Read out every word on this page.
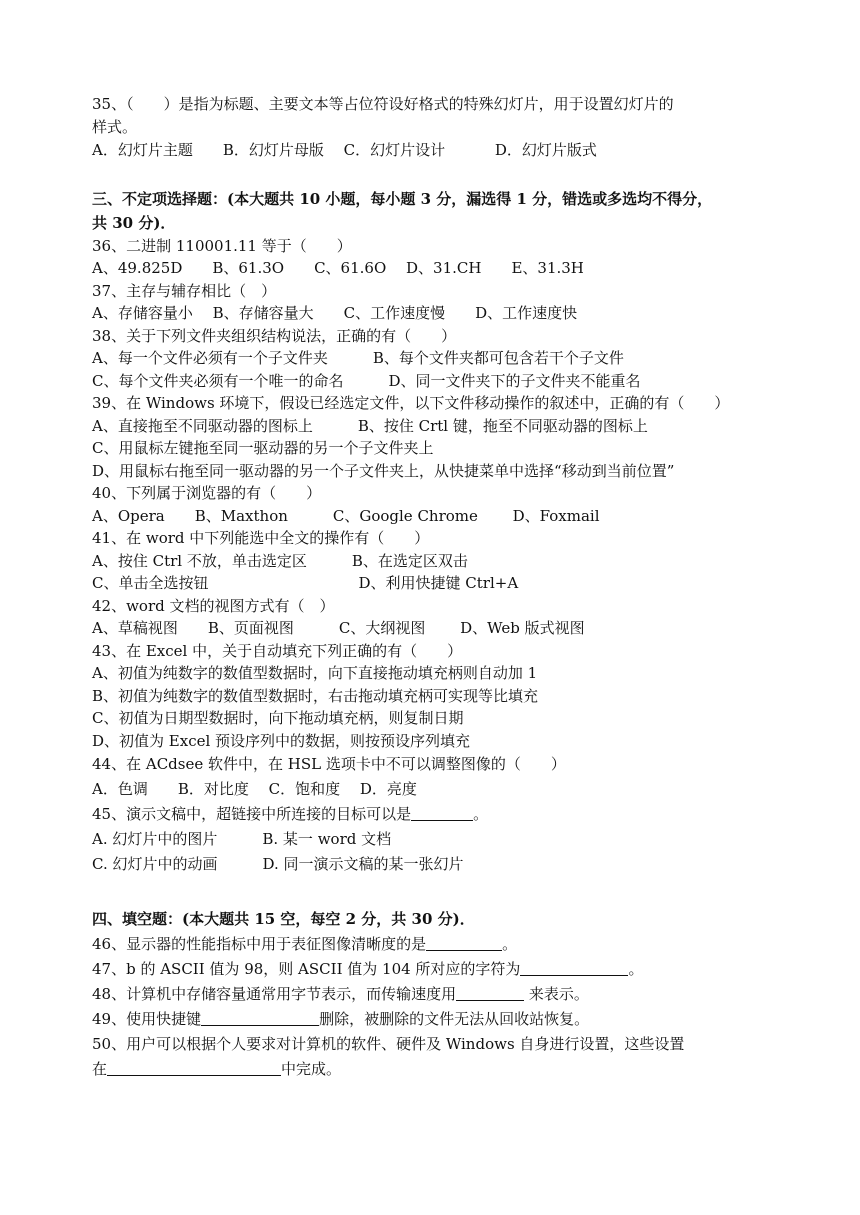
35、（　　）是指为标题、主要文本等占位符设好格式的特殊幻灯片，用于设置幻灯片的
样式。
A．幻灯片主题　　B．幻灯片母版　 C．幻灯片设计　　　 D．幻灯片版式
三、不定项选择题：(本大题共 10 小题，每小题 3 分，漏选得 1 分，错选或多选均不得分，
共 30 分)．
36、二进制 110001.11 等于（　　）
A、49.825D　　B、61.3O　　C、61.6O　 D、31.CH　　E、31.3H
37、主存与辅存相比（　）
A、存储容量小　 B、存储容量大　　C、工作速度慢　　D、工作速度快
38、关于下列文件夹组织结构说法，正确的有（　　）
A、每一个文件必须有一个子文件夹　　　B、每个文件夹都可包含若干个子文件
C、每个文件夹必须有一个唯一的命名　　　D、同一文件夹下的子文件夹不能重名
39、在 Windows 环境下，假设已经选定文件，以下文件移动操作的叙述中，正确的有（　　）
A、直接拖至不同驱动器的图标上　　　B、按住 Crtl 键，拖至不同驱动器的图标上
C、用鼠标左键拖至同一驱动器的另一个子文件夹上
D、用鼠标右拖至同一驱动器的另一个子文件夹上，从快捷菜单中选择“移动到当前位置”
40、下列属于浏览器的有（　　）
A、Opera　　B、Maxthon　　　C、Google Chrome　　 D、Foxmail
41、在 word 中下列能选中全文的操作有（　　）
A、按住 Ctrl 不放，单击选定区　　　B、在选定区双击
C、单击全选按钮　　　　　　　　　　D、利用快捷键 Ctrl+A
42、word 文档的视图方式有（　）
A、草稿视图　　B、页面视图　　　C、大纲视图　　 D、Web 版式视图
43、在 Excel 中，关于自动填充下列正确的有（　　）
A、初值为纯数字的数值型数据时，向下直接拖动填充柄则自动加 1
B、初值为纯数字的数值型数据时，右击拖动填充柄可实现等比填充
C、初值为日期型数据时，向下拖动填充柄，则复制日期
D、初值为 Excel 预设序列中的数据，则按预设序列填充
44、在 ACdsee 软件中，在 HSL 选项卡中不可以调整图像的（　　）
A．色调　　B．对比度　 C．饱和度　 D．亮度
45、演示文稿中，超链接中所连接的目标可以是	。
A. 幻灯片中的图片　　　B. 某一 word 文档
C. 幻灯片中的动画　　　D. 同一演示文稿的某一张幻片
四、填空题：(本大题共 15 空，每空 2 分，共 30 分)．
46、显示器的性能指标中用于表征图像清晰度的是	。
47、b 的 ASCII 值为 98，则 ASCII 值为 104 所对应的字符为	。
48、计算机中存储容量通常用字节表示，而传输速度用	来表示。
49、使用快捷键	删除，被删除的文件无法从回收站恢复。
50、用户可以根据个人要求对计算机的软件、硬件及 Windows 自身进行设置，这些设置
在	中完成。
